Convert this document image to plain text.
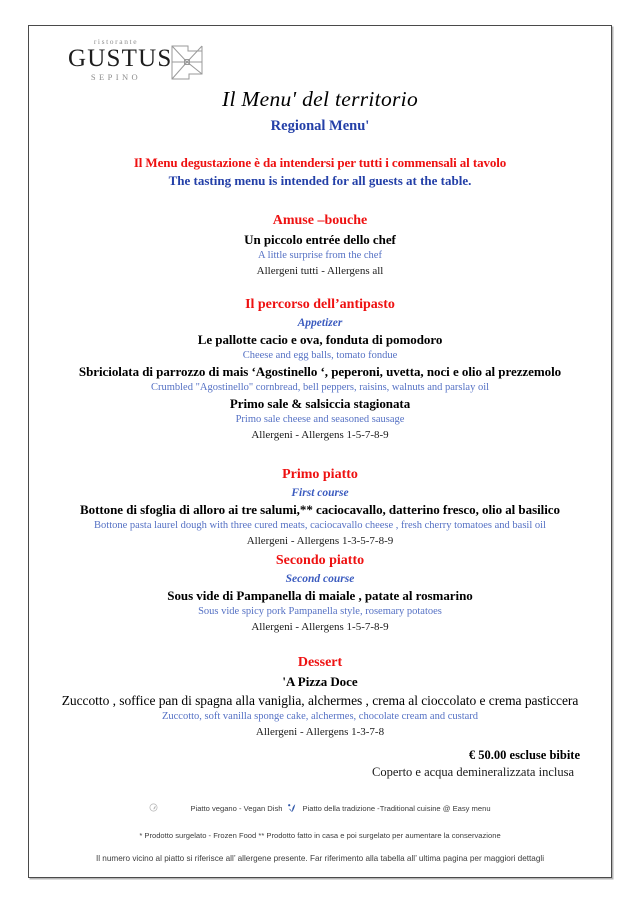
ristorante
GUSTUS
SEPINO
Il Menu' del territorio
Regional Menu'
Il Menu degustazione è da intendersi per tutti i commensali al tavolo
The tasting menu is intended for all guests at the table.
Amuse –bouche
Un piccolo entrée dello chef
A little surprise from the chef
Allergeni tutti - Allergens all
Il percorso dell’antipasto
Appetizer
Le pallotte cacio e ova, fonduta di pomodoro
Cheese and egg balls, tomato fondue
Sbriciolata di parrozzo di mais ‘Agostinello ‘, peperoni, uvetta, noci e olio al prezzemolo
Crumbled "Agostinello" cornbread, bell peppers, raisins, walnuts and parslay oil
Primo sale & salsiccia stagionata
Primo sale cheese and seasoned sausage
Allergeni - Allergens 1-5-7-8-9
Primo piatto
First course
Bottone di sfoglia di alloro ai tre salumi,** caciocavallo, datterino fresco, olio al basilico
Bottone pasta laurel dough with three cured meats, caciocavallo cheese , fresh cherry tomatoes and basil oil
Allergeni - Allergens 1-3-5-7-8-9
Secondo piatto
Second course
Sous vide di Pampanella di maiale , patate al rosmarino
Sous vide spicy pork Pampanella style, rosemary potatoes
Allergeni - Allergens 1-5-7-8-9
Dessert
'A Pizza Doce
Zuccotto , soffice pan di spagna alla vaniglia, alchermes , crema al cioccolato e crema pasticcera
Zuccotto, soft vanilla sponge cake, alchermes, chocolate cream and custard
Allergeni - Allergens 1-3-7-8
€ 50.00 escluse bibite
Coperto e acqua demineralizzata inclusa
Piatto vegano - Vegan Dish	Piatto della tradizione -Traditional cuisine @ Easy menu
* Prodotto surgelato - Frozen Food ** Prodotto fatto in casa e poi surgelato per aumentare la conservazione
Il numero vicino al piatto si riferisce all’ allergene presente. Far riferimento alla tabella all’ ultima pagina per maggiori dettagli
